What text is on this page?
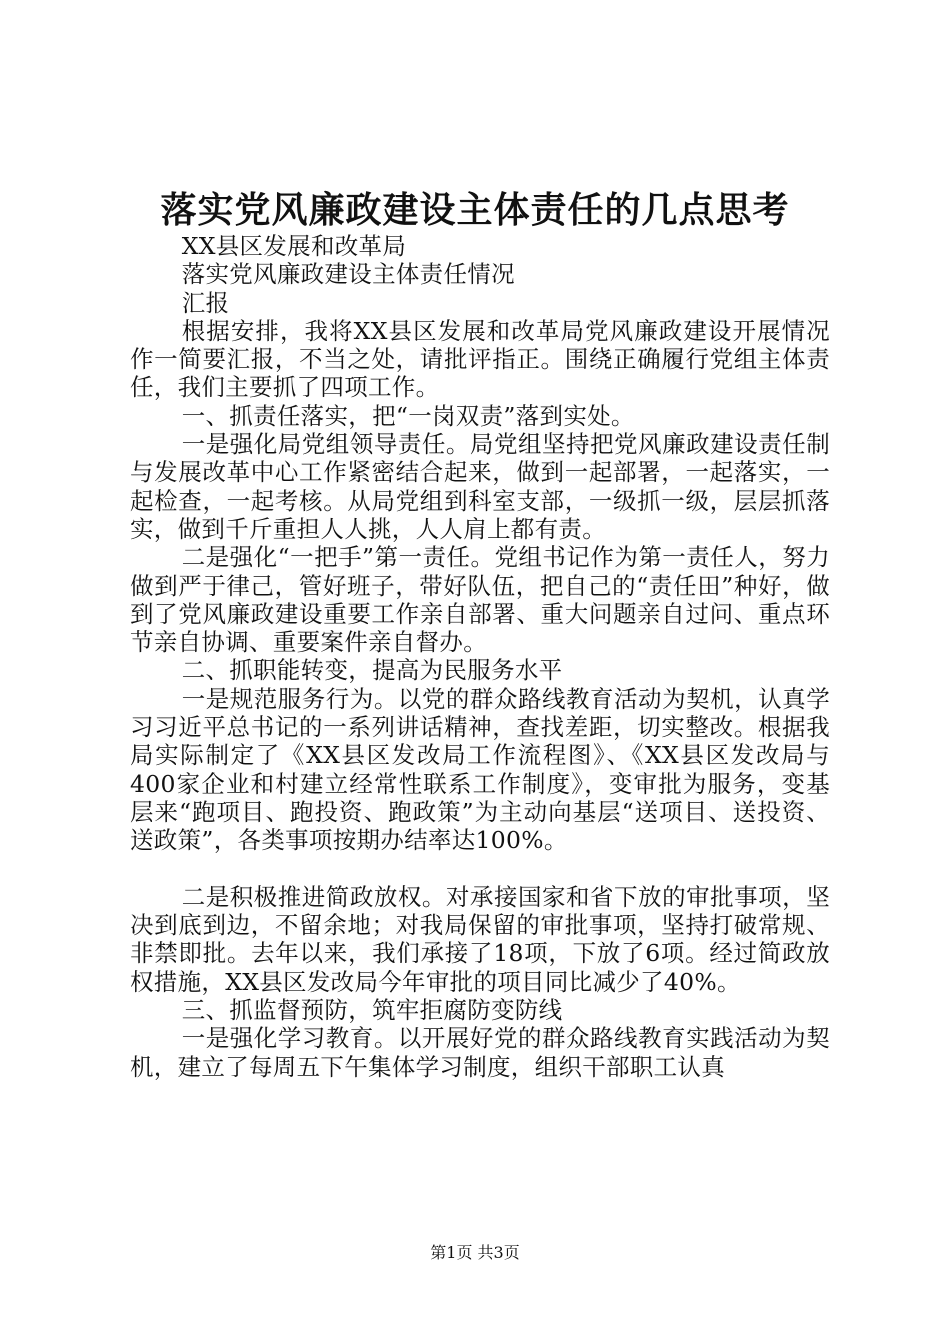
落实党风廉政建设主体责任的几点思考

XX县区发展和改革局

落实党风廉政建设主体责任情况

汇报

根据安排，我将XX县区发展和改革局党风廉政建设开展情况作一简要汇报，不当之处，请批评指正。围绕正确履行党组主体责任，我们主要抓了四项工作。

一、抓责任落实，把“一岗双责”落到实处。

一是强化局党组领导责任。局党组坚持把党风廉政建设责任制与发展改革中心工作紧密结合起来，做到一起部署，一起落实，一起检查，一起考核。从局党组到科室支部，一级抓一级，层层抓落实，做到千斤重担人人挑，人人肩上都有责。

二是强化“一把手”第一责任。党组书记作为第一责任人，努力做到严于律己，管好班子，带好队伍，把自己的“责任田”种好，做到了党风廉政建设重要工作亲自部署、重大问题亲自过问、重点环节亲自协调、重要案件亲自督办。

二、抓职能转变，提高为民服务水平

一是规范服务行为。以党的群众路线教育活动为契机，认真学习习近平总书记的一系列讲话精神，查找差距，切实整改。根据我局实际制定了《XX县区发改局工作流程图》、《XX县区发改局与400家企业和村建立经常性联系工作制度》，变审批为服务，变基层来“跑项目、跑投资、跑政策”为主动向基层“送项目、送投资、送政策”，各类事项按期办结率达100%。

二是积极推进简政放权。对承接国家和省下放的审批事项，坚决到底到边，不留余地；对我局保留的审批事项，坚持打破常规、非禁即批。去年以来，我们承接了18项，下放了6项。经过简政放权措施，XX县区发改局今年审批的项目同比减少了40%。

三、抓监督预防，筑牢拒腐防变防线

一是强化学习教育。以开展好党的群众路线教育实践活动为契机，建立了每周五下午集体学习制度，组织干部职工认真

第1页 共3页
